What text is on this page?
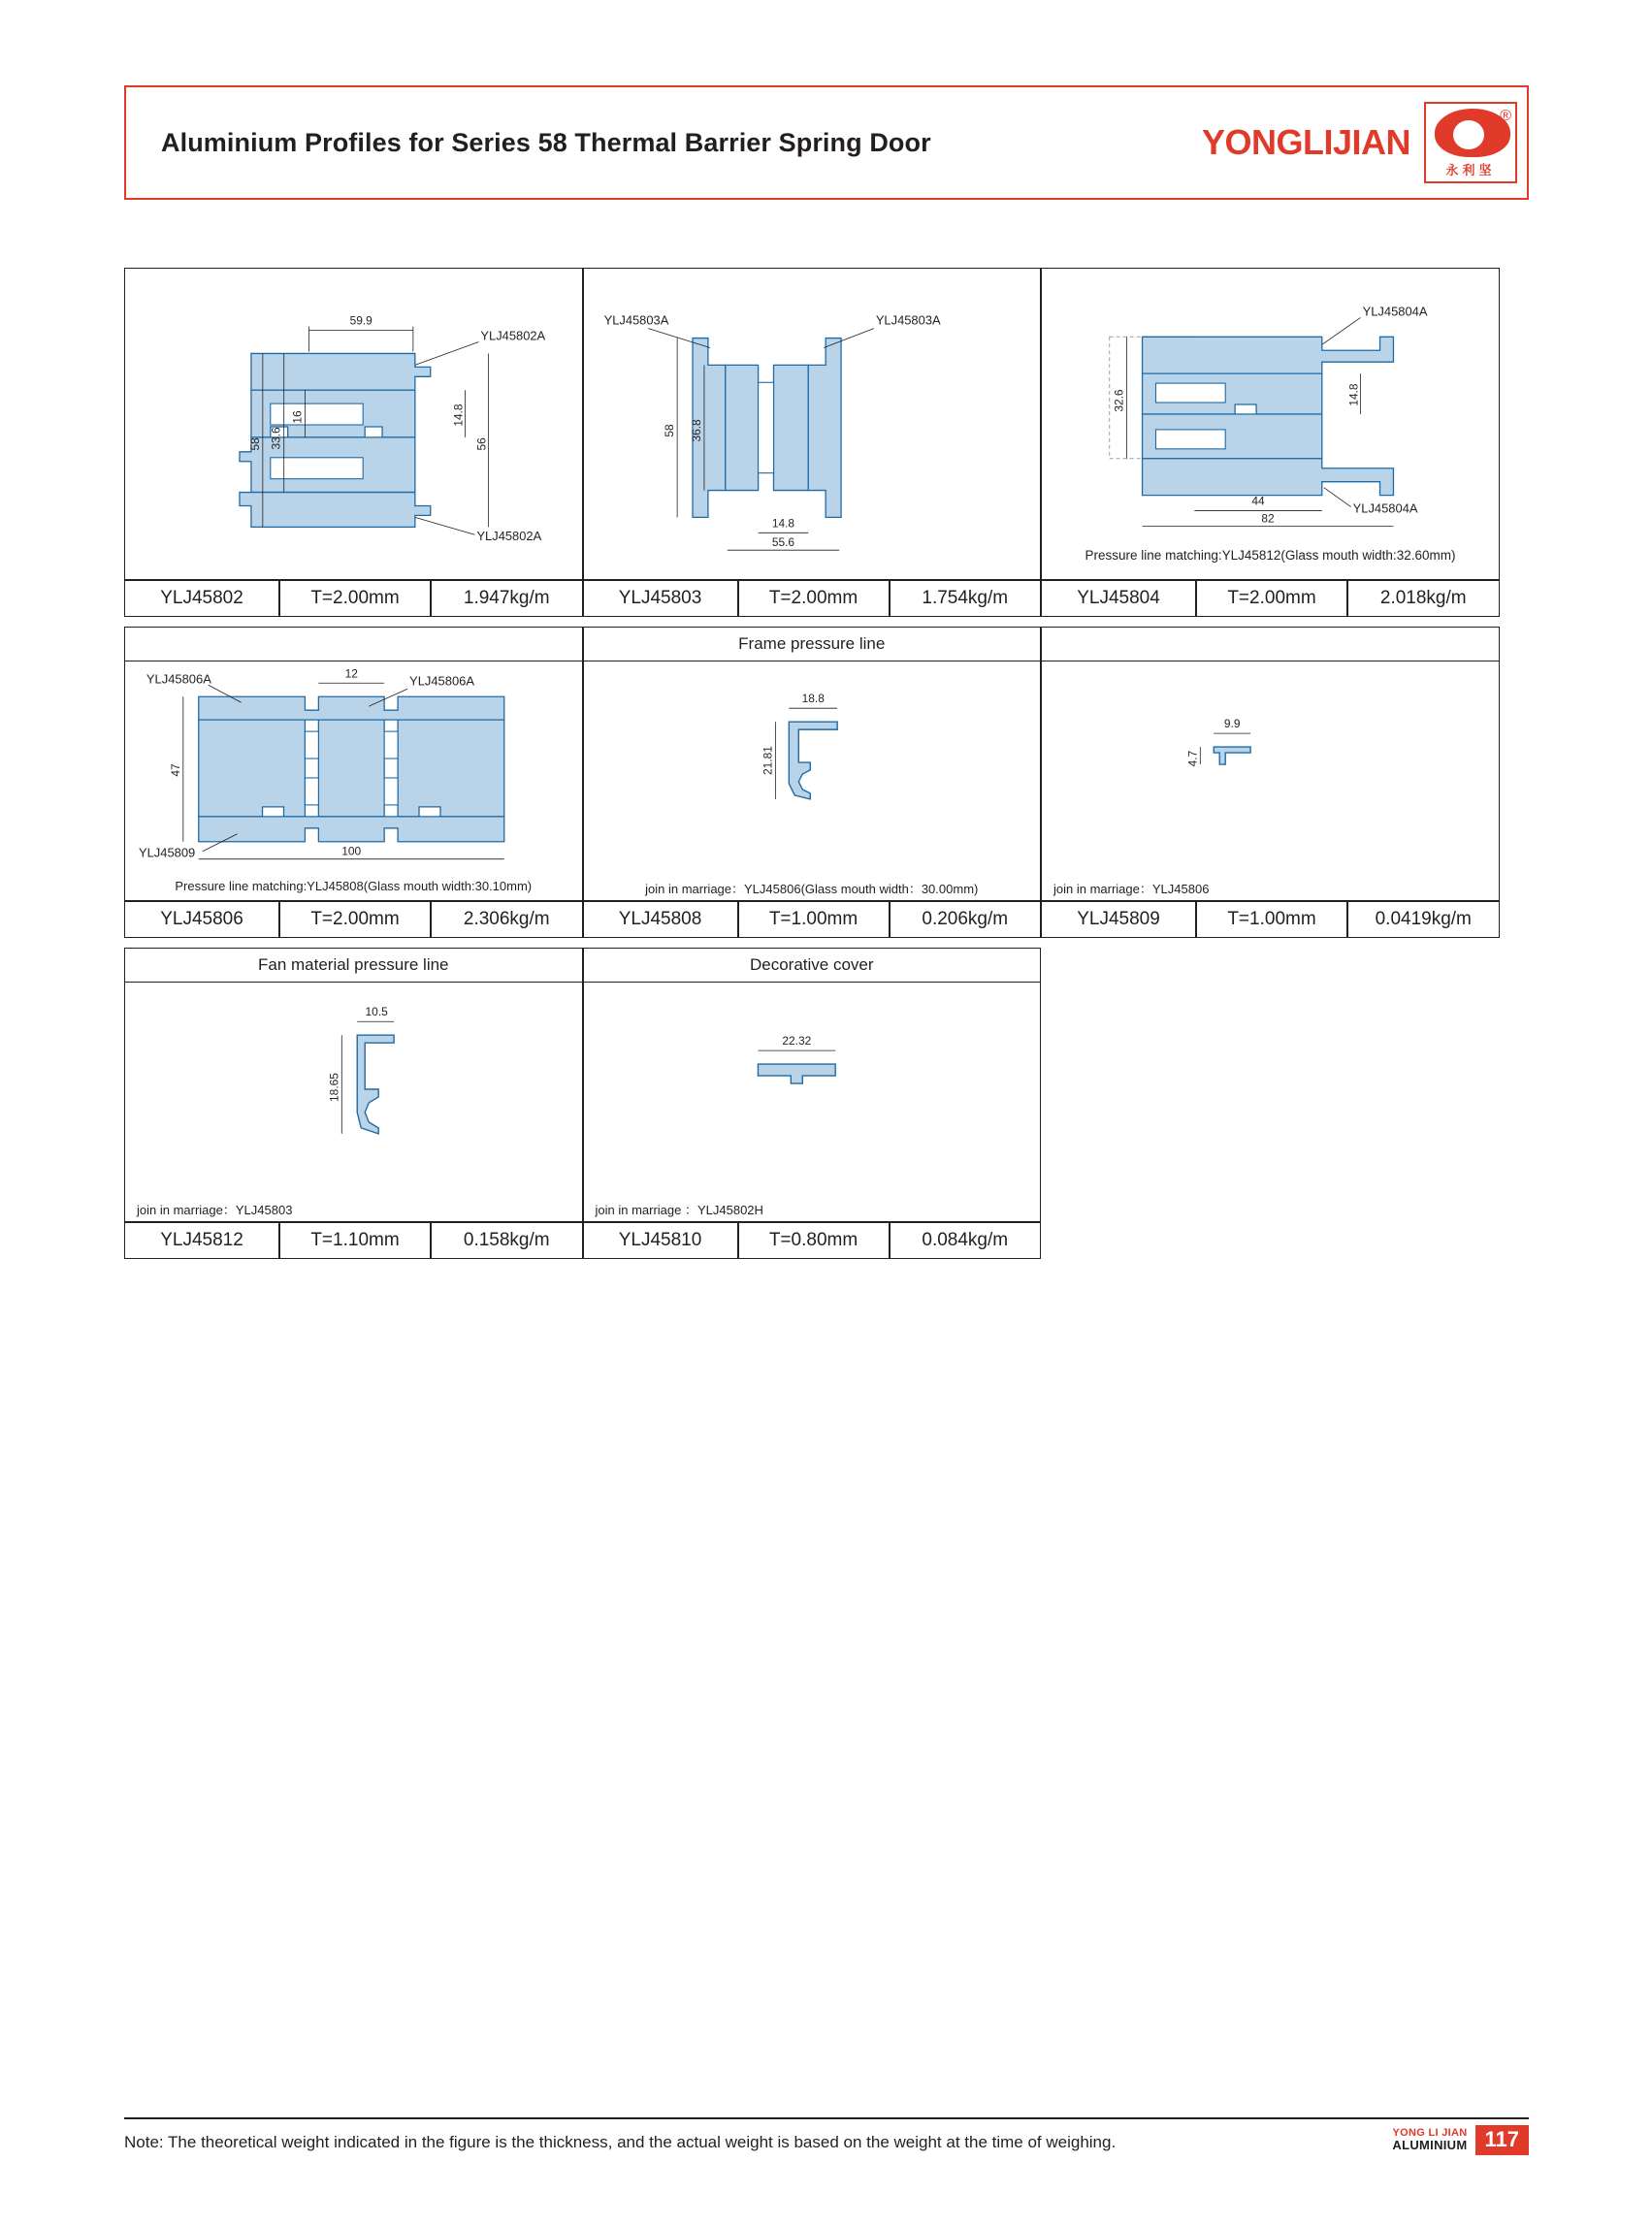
Aluminium Profiles for Series 58 Thermal Barrier Spring Door	YONGLIJIAN
永利坚
®
59.9
58 33.6
16	14.8
56
YLJ45802A
YLJ45802A
58 36.8
14.8
55.6
YLJ45803A	YLJ45803A
32.6	14.8
44
82
YLJ45804A
YLJ45804A
Pressure line matching:YLJ45812(Glass mouth width:32.60mm)
YLJ45802	T=2.00mm	1.947kg/m	YLJ45803	T=2.00mm	1.754kg/m	YLJ45804	T=2.00mm	2.018kg/m
Frame pressure line
47
12
100
YLJ45806A	YLJ45806A
YLJ45809
Pressure line matching:YLJ45808(Glass mouth width:30.10mm)
18.8
21.81
join in marriage：YLJ45806(Glass mouth width：30.00mm)
9.9
4.7
join in marriage：YLJ45806
YLJ45806	T=2.00mm	2.306kg/m	YLJ45808	T=1.00mm	0.206kg/m	YLJ45809	T=1.00mm	0.0419kg/m
Fan material pressure line	Decorative cover
10.5
18.65
join in marriage：YLJ45803
22.32
join in marriage ：YLJ45802H
YLJ45812	T=1.10mm	0.158kg/m	YLJ45810	T=0.80mm	0.084kg/m
Note: The theoretical weight indicated in the figure is the thickness, and the actual weight is based on the weight at the time of weighing.
YONG LI JIAN
ALUMINIUM 117
